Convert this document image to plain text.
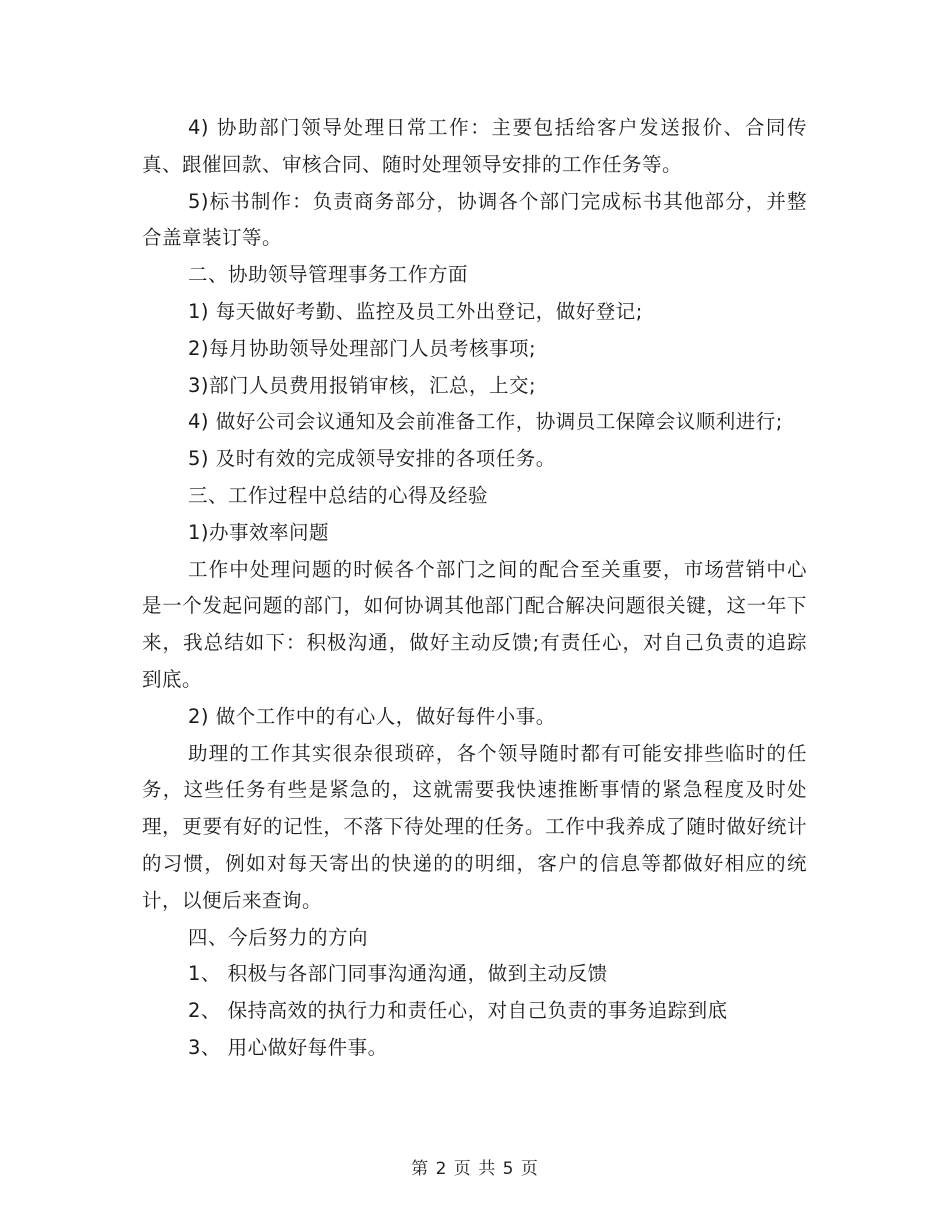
4) 协助部门领导处理日常工作：主要包括给客户发送报价、合同传真、跟催回款、审核合同、随时处理领导安排的工作任务等。

5)标书制作：负责商务部分，协调各个部门完成标书其他部分，并整合盖章装订等。

二、协助领导管理事务工作方面

1) 每天做好考勤、监控及员工外出登记，做好登记;

2)每月协助领导处理部门人员考核事项;

3)部门人员费用报销审核，汇总，上交;

4) 做好公司会议通知及会前准备工作，协调员工保障会议顺利进行;

5) 及时有效的完成领导安排的各项任务。

三、工作过程中总结的心得及经验

1)办事效率问题

工作中处理问题的时候各个部门之间的配合至关重要，市场营销中心是一个发起问题的部门，如何协调其他部门配合解决问题很关键，这一年下来，我总结如下：积极沟通，做好主动反馈;有责任心，对自己负责的追踪到底。

2) 做个工作中的有心人，做好每件小事。

助理的工作其实很杂很琐碎，各个领导随时都有可能安排些临时的任务，这些任务有些是紧急的，这就需要我快速推断事情的紧急程度及时处理，更要有好的记性，不落下待处理的任务。工作中我养成了随时做好统计的习惯，例如对每天寄出的快递的的明细，客户的信息等都做好相应的统计，以便后来查询。

四、今后努力的方向

1、 积极与各部门同事沟通沟通，做到主动反馈

2、 保持高效的执行力和责任心，对自己负责的事务追踪到底

3、 用心做好每件事。

第 2 页 共 5 页
